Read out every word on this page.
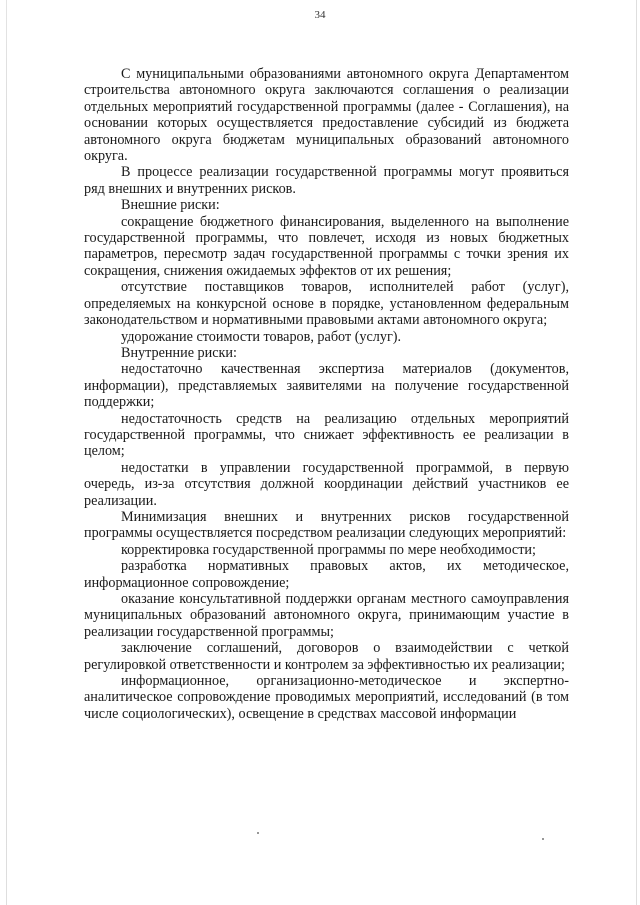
34

С муниципальными образованиями автономного округа Департаментом строительства автономного округа заключаются соглашения о реализации отдельных мероприятий государственной программы (далее - Соглашения), на основании которых осуществляется предоставление субсидий из бюджета автономного округа бюджетам муниципальных образований автономного округа.

В процессе реализации государственной программы могут проявиться ряд внешних и внутренних рисков.

Внешние риски:

сокращение бюджетного финансирования, выделенного на выполнение государственной программы, что повлечет, исходя из новых бюджетных параметров, пересмотр задач государственной программы с точки зрения их сокращения, снижения ожидаемых эффектов от их решения;

отсутствие поставщиков товаров, исполнителей работ (услуг), определяемых на конкурсной основе в порядке, установленном федеральным законодательством и нормативными правовыми актами автономного округа;

удорожание стоимости товаров, работ (услуг).

Внутренние риски:

недостаточно качественная экспертиза материалов (документов, информации), представляемых заявителями на получение государственной поддержки;

недостаточность средств на реализацию отдельных мероприятий государственной программы, что снижает эффективность ее реализации в целом;

недостатки в управлении государственной программой, в первую очередь, из-за отсутствия должной координации действий участников ее реализации.

Минимизация внешних и внутренних рисков государственной программы осуществляется посредством реализации следующих мероприятий:

корректировка государственной программы по мере необходимости;

разработка нормативных правовых актов, их методическое, информационное сопровождение;

оказание консультативной поддержки органам местного самоуправления муниципальных образований автономного округа, принимающим участие в реализации государственной программы;

заключение соглашений, договоров о взаимодействии с четкой регулировкой ответственности и контролем за эффективностью их реализации;

информационное, организационно-методическое и экспертно-аналитическое сопровождение проводимых мероприятий, исследований (в том числе социологических), освещение в средствах массовой информации
